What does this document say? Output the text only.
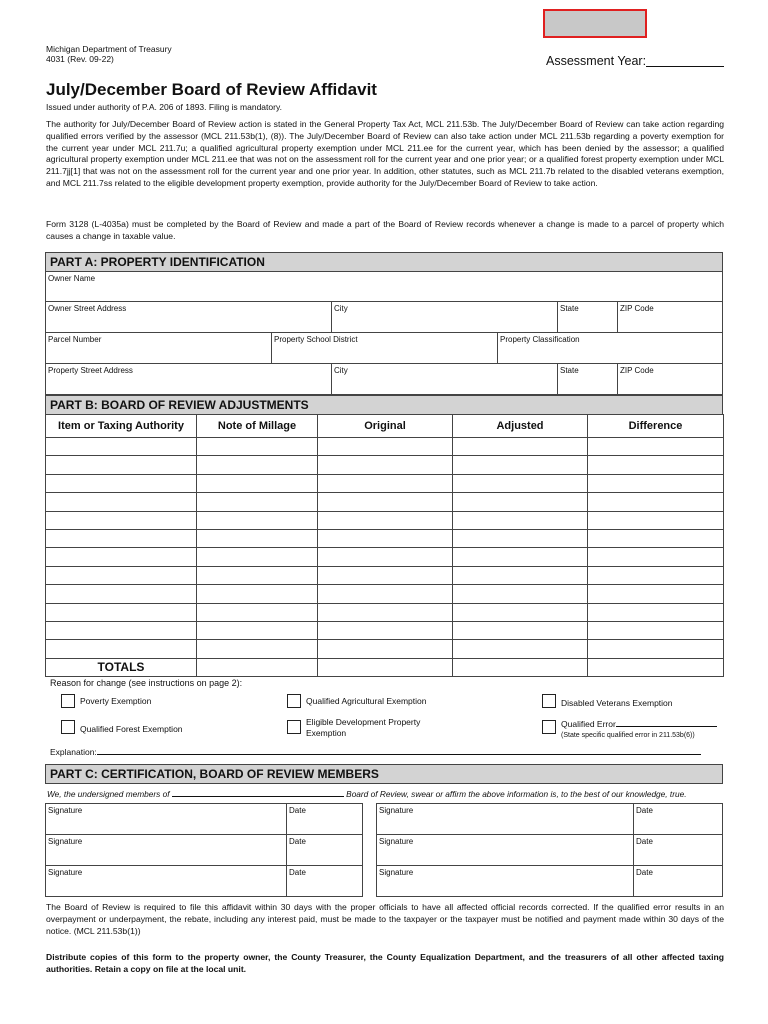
Michigan Department of Treasury
4031 (Rev. 09-22)	Assessment Year:
July/December Board of Review Affidavit
Issued under authority of P.A. 206 of 1893. Filing is mandatory.
The authority for July/December Board of Review action is stated in the General Property Tax Act, MCL 211.53b. The July/December Board of Review can take action regarding qualified errors verified by the assessor (MCL 211.53b(1), (8)). The July/December Board of Review can also take action under MCL 211.53b regarding a poverty exemption for the current year under MCL 211.7u; a qualified agricultural property exemption under MCL 211.ee for the current year, which has been denied by the assessor; a qualified agricultural property exemption under MCL 211.ee that was not on the assessment roll for the current year and one prior year; or a qualified forest property exemption under MCL 211.7jj[1] that was not on the assessment roll for the current year and one prior year. In addition, other statutes, such as MCL 211.7b related to the disabled veterans exemption, and MCL 211.7ss related to the eligible development property exemption, provide authority for the July/December Board of Review to take action.
Form 3128 (L-4035a) must be completed by the Board of Review and made a part of the Board of Review records whenever a change is made to a parcel of property which causes a change in taxable value.
PART A: PROPERTY IDENTIFICATION
Owner Name
Owner Street Address	City	State	ZIP Code
Parcel Number	Property School District	Property Classification
Property Street Address	City	State	ZIP Code
PART B: BOARD OF REVIEW ADJUSTMENTS
Item or Taxing Authority	Note of Millage	Original	Adjusted	Difference

TOTALS				
Reason for change (see instructions on page 2):
Poverty Exemption	Qualified Agricultural Exemption	Disabled Veterans Exemption
Qualified Forest Exemption
Eligible Development Property
Exemption
Qualified Error
(State specific qualified error in 211.53b(6))
Explanation:
PART C: CERTIFICATION, BOARD OF REVIEW MEMBERS
We, the undersigned members of	Board of Review, swear or affirm the above information is, to the best of our knowledge, true.
Signature	Date	Signature	Date
Signature	Date	Signature	Date
Signature	Date	Signature	Date
The Board of Review is required to file this affidavit within 30 days with the proper officials to have all affected official records corrected. If the qualified error results in an overpayment or underpayment, the rebate, including any interest paid, must be made to the taxpayer or the taxpayer must be notified and payment made within 30 days of the notice. (MCL 211.53b(1))
Distribute copies of this form to the property owner, the County Treasurer, the County Equalization Department, and the treasurers of all other affected taxing authorities. Retain a copy on file at the local unit.
